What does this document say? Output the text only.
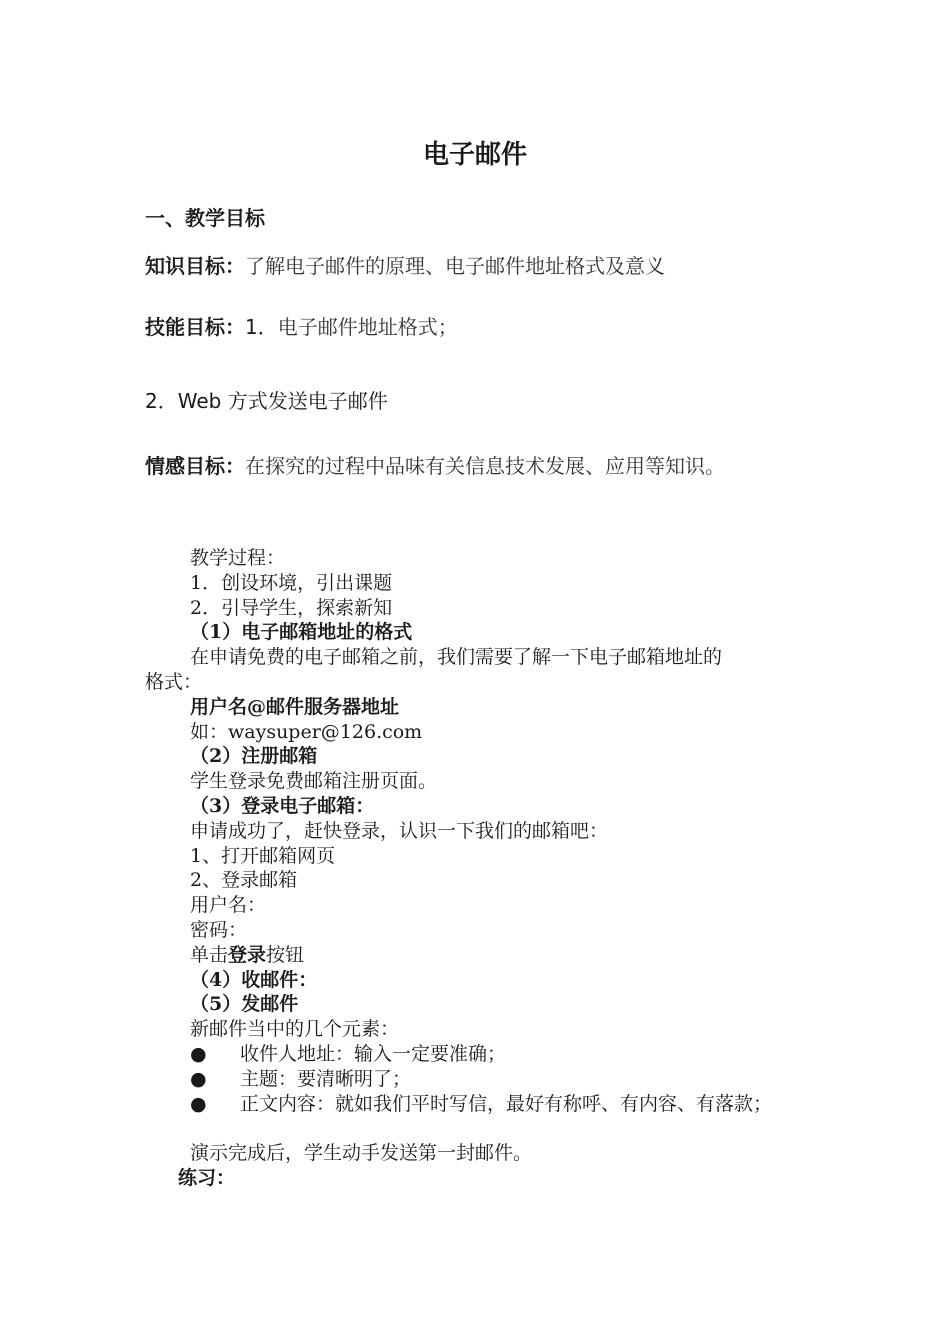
电子邮件
一、教学目标
知识目标：了解电子邮件的原理、电子邮件地址格式及意义
技能目标：1．电子邮件地址格式；
2．Web 方式发送电子邮件
情感目标：在探究的过程中品味有关信息技术发展、应用等知识。
教学过程：
1．创设环境，引出课题
2．引导学生，探索新知
（1）电子邮箱地址的格式
在申请免费的电子邮箱之前，我们需要了解一下电子邮箱地址的
格式：
用户名@邮件服务器地址
如：waysuper@126.com
（2）注册邮箱
学生登录免费邮箱注册页面。
（3）登录电子邮箱：
申请成功了，赶快登录，认识一下我们的邮箱吧：
1、打开邮箱网页
2、登录邮箱
用户名：
密码：
单击登录按钮
（4）收邮件：
（5）发邮件
新邮件当中的几个元素：
●	收件人地址：输入一定要准确；
●	主题：要清晰明了；
●	正文内容：就如我们平时写信，最好有称呼、有内容、有落款；
演示完成后，学生动手发送第一封邮件。
练习：
